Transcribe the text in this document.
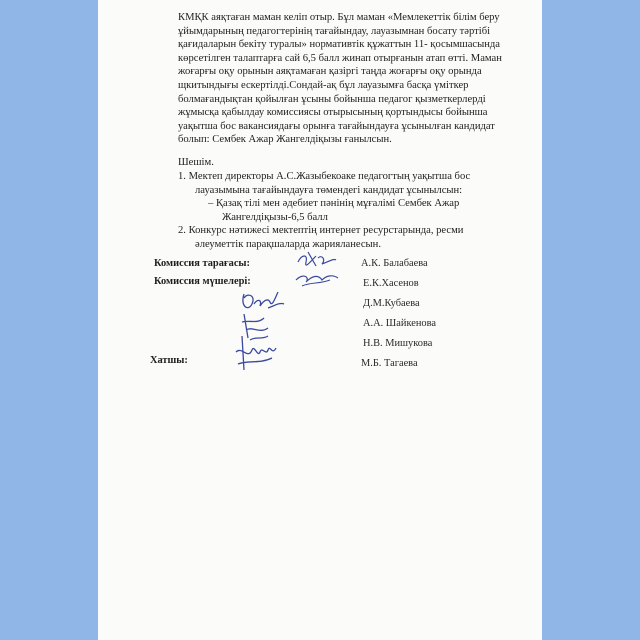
КМҚК аяқтаған маман келіп отыр. Бұл маман «Мемлекеттік білім беру
ұйымдарының педагогтерінің тағайындау, лауазымнан босату тәртібі
қағидаларын бекіту туралы» нормативтік құжаттын 11- қосымшасында
көрсетілген талаптарға сай 6,5 балл жинап отырғанын атап өтті. Маман
жоғарғы оқу орынын аяқтамаған қазіргі таңда жоғарғы оқу орында
щкитындығы ескертілді.Сондай-ақ бұл лауазымға басқа үміткер
болмағандықтан қойылған ұсыны бойынша педагог қызметкерлерді
жұмысқа қабылдау комиссиясы отырысының қортындысы бойынша
уақытша бос вакансиядағы орынға тағайындауға ұсынылған кандидат
болып: Сембек Ажар Жангелдіқызы ғанылсын.
Шешім.
1. Мектеп директоры А.С.Жазыбекоаке педагогтың уақытша бос
лауазымына тағайындауға төмендегі кандидат ұсынылсын:
– Қазақ тілі мен әдебиет пәнінің мұғалімі Сембек Ажар
Жангелдіқызы-6,5 балл
2. Конкурс нәтижесі мектептің интернет ресурстарында, ресми
әлеуметтік парақшаларда жарияланесын.
Комиссия тарағасы:
Комиссия мүшелері:
Хатшы:
А.К. Балабаева
Е.К.Хасенов
Д.М.Кубаева
А.А. Шайкенова
Н.В. Мишукова
М.Б. Тагаева
